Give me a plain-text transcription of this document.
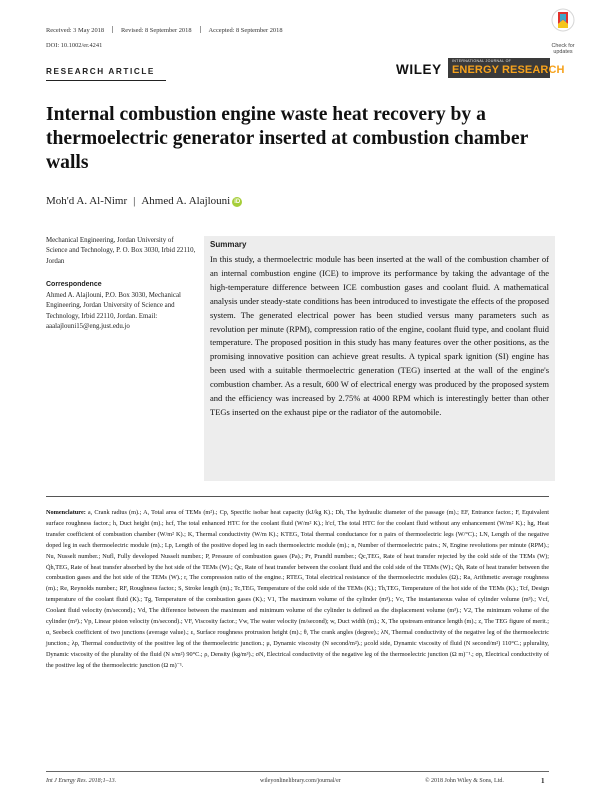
Received: 3 May 2018	Revised: 8 September 2018	Accepted: 8 September 2018
DOI: 10.1002/er.4241	Check for
updates
RESEARCH ARTICLE	WILEY
INTERNATIONAL JOURNAL OF
ENERGY RESEARCH
Internal combustion engine waste heat recovery by a thermoelectric generator inserted at combustion chamber walls
Moh'd A. Al-Nimr | Ahmed A. Alajlouni iD
Mechanical Engineering, Jordan University of Science and Technology, P. O. Box 3030, Irbid 22110, Jordan
Correspondence
Ahmed A. Alajlouni, P.O. Box 3030, Mechanical Engineering, Jordan University of Science and Technology, Irbid 22110, Jordan. Email: aaalajlouni15@eng.just.edu.jo
Summary
In this study, a thermoelectric module has been inserted at the wall of the combustion chamber of an internal combustion engine (ICE) to improve its performance by taking the advantage of the high-temperature difference between ICE combustion gases and coolant fluid. A mathematical analysis under steady-state conditions has been introduced to investigate the effects of the proposed system. The generated electrical power has been studied versus many parameters such as revolution per minute (RPM), compression ratio of the engine, coolant fluid type, and coolant fluid temperature. The proposed position in this study has many features over the other positions, as the promising innovative position can achieve great results. A typical spark ignition (SI) engine has been used with a suitable thermoelectric generation (TEG) inserted at the wall of the engine's combustion chamber. As a result, 600 W of electrical energy was produced by the proposed system and the efficiency was increased by 2.75% at 4000 RPM which is interestingly better than other TEGs inserted on the exhaust pipe or the radiator of the automobile.
Nomenclature: a, Crank radius (m).; A, Total area of TEMs (m²).; Cp, Specific isobar heat capacity (kJ/kg K).; Dh, The hydraulic diameter of the passage (m).; EF, Entrance factor.; F, Equivalent surface roughness factor.; h, Duct height (m).; hcf, The total enhanced HTC for the coolant fluid (W/m² K).; h'cf, The total HTC for the coolant fluid without any enhancement (W/m² K).; hg, Heat transfer coefficient of combustion chamber (W/m² K).; K, Thermal conductivity (W/m K).; KTEG, Total thermal conductance for n pairs of thermoelectric legs (W/°C).; LN, Length of the negative doped leg in each thermoelectric module (m).; Lp, Length of the positive doped leg in each thermoelectric module (m).; n, Number of thermoelectric pairs.; N, Engine revolutions per minute (RPM).; Nu, Nusselt number.; Nufl, Fully developed Nusselt number.; P, Pressure of combustion gases (Pa).; Pr, Prandtl number.; Q̇c,TEG, Rate of heat transfer rejected by the cold side of the TEMs (W); Q̇h,TEG, Rate of heat transfer absorbed by the hot side of the TEMs (W).; Q̇c, Rate of heat transfer between the coolant fluid and the cold side of the TEMs (W).; Q̇h, Rate of heat transfer between the combustion gases and the hot side of the TEMs (W).; r, The compression ratio of the engine.; RTEG, Total electrical resistance of the thermoelectric modules (Ω).; Ra, Arithmetic average roughness (m).; Re, Reynolds number.; RF, Roughness factor.; S, Stroke length (m).; Tc,TEG, Temperature of the cold side of the TEMs (K).; Th,TEG, Temperature of the hot side of the TEMs (K).; Tcf, Design temperature of the coolant fluid (K).; Tg, Temperature of the combustion gases (K).; V1, The maximum volume of the cylinder (m³).; Vc, The instantaneous value of cylinder volume (m³).; Vcf, Coolant fluid velocity (m/second).; Vd, The difference between the maximum and minimum volume of the cylinder is defined as the displacement volume (m³).; V2, The minimum volume of the cylinder (m³).; Vp, Linear piston velocity (m/second).; VF, Viscosity factor.; Vw, The water velocity (m/second); w, Duct width (m).; X, The upstream entrance length (m).; z, The TEG figure of merit.; α, Seebeck coefficient of two junctions (average value).; ε, Surface roughness protrusion height (m).; θ, The crank angles (degree).; λN, Thermal conductivity of the negative leg of the thermoelectric junction.; λp, Thermal conductivity of the positive leg of the thermoelectric junction.; μ, Dynamic viscosity (N second/m²).; μcold side, Dynamic viscosity of fluid (N second/m²) 110°C.; μplurality, Dynamic viscosity of the plurality of the fluid (N s/m²) 90°C.; ρ, Density (kg/m³).; σN, Electrical conductivity of the negative leg of the thermoelectric junction (Ω m)⁻¹.; σp, Electrical conductivity of the positive leg of the thermoelectric junction (Ω m)⁻¹.
Int J Energy Res. 2018;1–13.	wileyonlinelibrary.com/journal/er	© 2018 John Wiley & Sons, Ltd.	1
